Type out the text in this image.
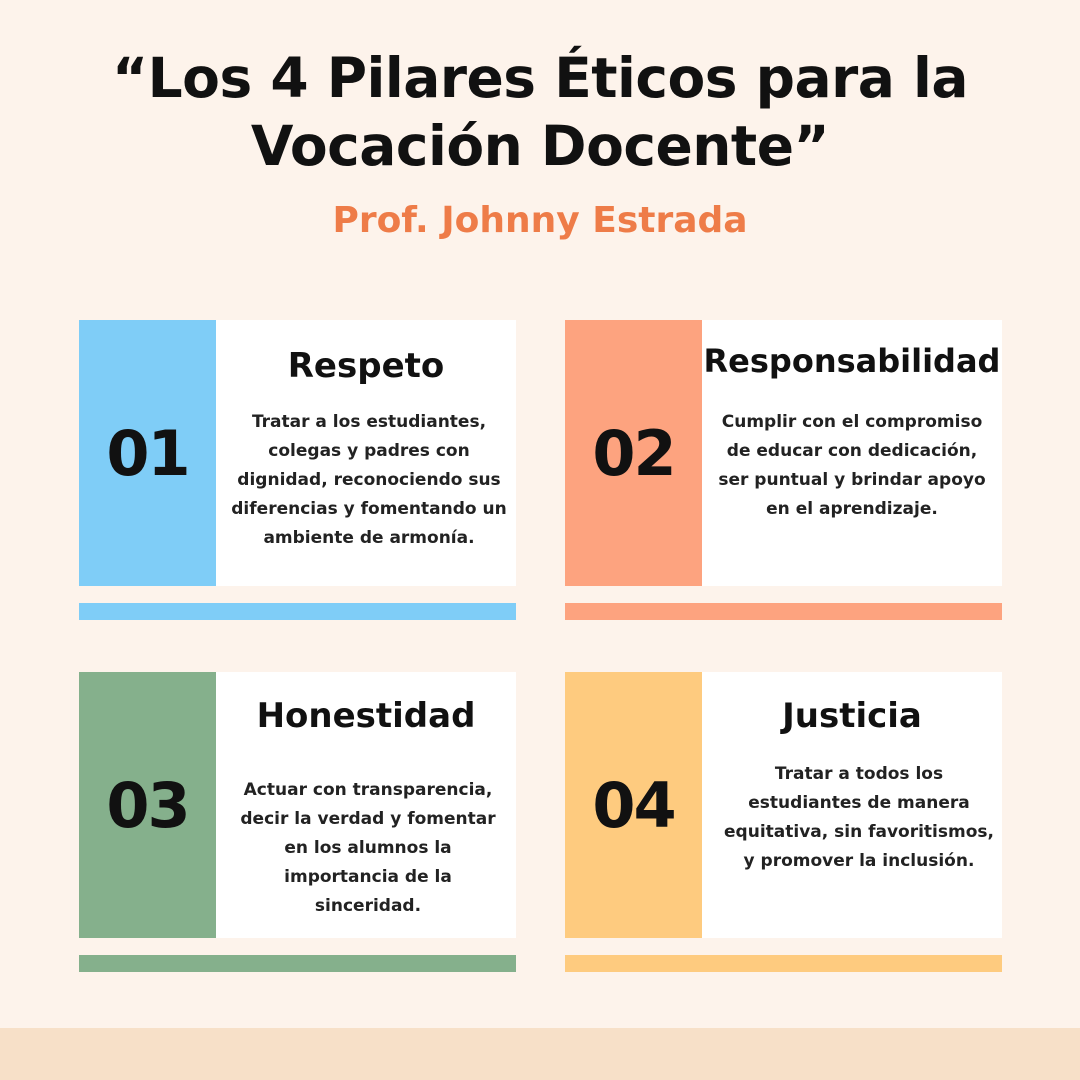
“Los 4 Pilares Éticos para la
Vocación Docente”
Prof. Johnny Estrada
01
Respeto
Tratar a los estudiantes, colegas y padres con dignidad, reconociendo sus diferencias y fomentando un ambiente de armonía.
02
Responsabilidad
Cumplir con el compromiso de educar con dedicación, ser puntual y brindar apoyo en el aprendizaje.
03
Honestidad
Actuar con transparencia, decir la verdad y fomentar en los alumnos la importancia de la sinceridad.
04
Justicia
Tratar a todos los estudiantes de manera equitativa, sin favoritismos, y promover la inclusión.
